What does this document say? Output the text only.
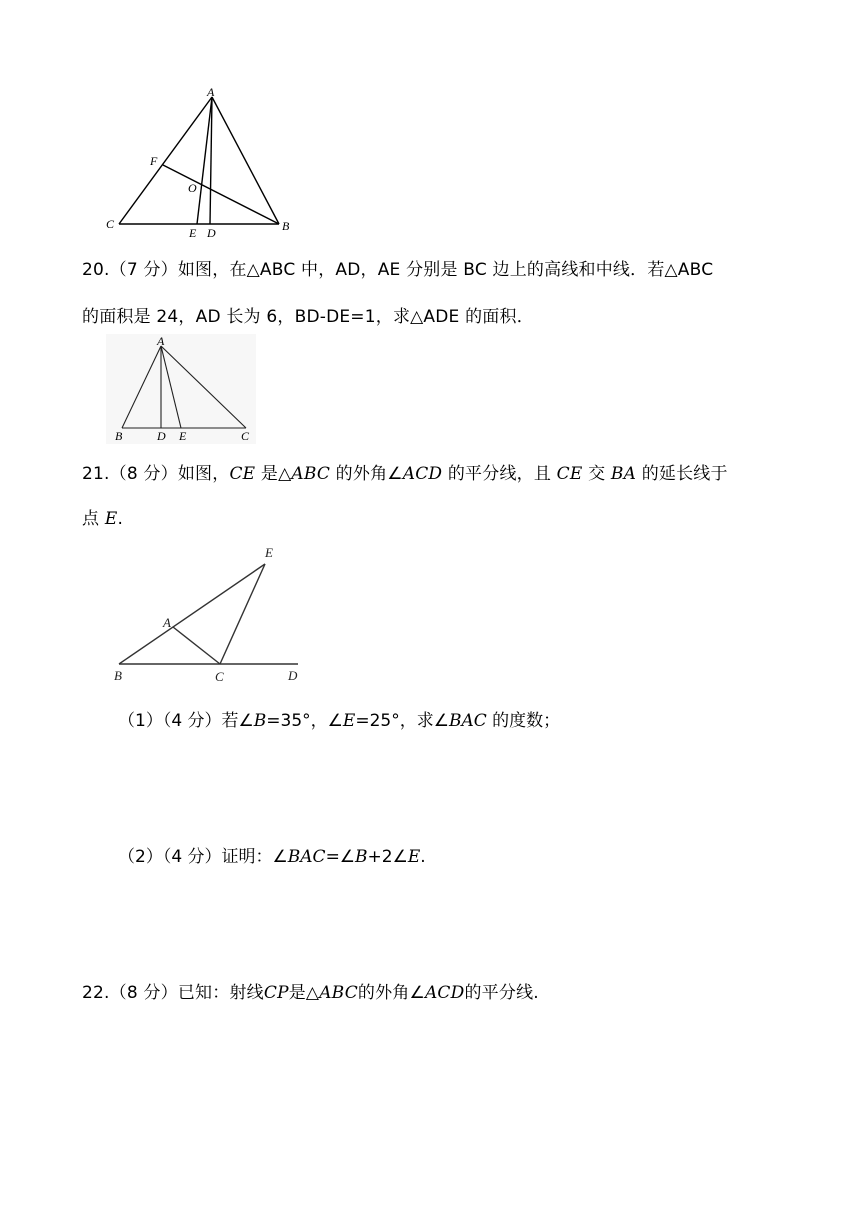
A
F
O
C
E D	B
20.（7 分）如图，在△ABC 中，AD，AE 分别是 BC 边上的高线和中线．若△ABC
的面积是 24，AD 长为 6，BD-DE=1，求△ADE 的面积．
A
B	D E	C
21.（8 分）如图，CE 是△ABC 的外角∠ACD 的平分线，且 CE 交 BA 的延长线于
点 E.
E
A
B	C	D
（1）（4 分）若∠B=35°，∠E=25°，求∠BAC 的度数；
（2）（4 分）证明：∠BAC=∠B+2∠E.
22.（8 分）已知：射线CP是△ABC的外角∠ACD的平分线.
